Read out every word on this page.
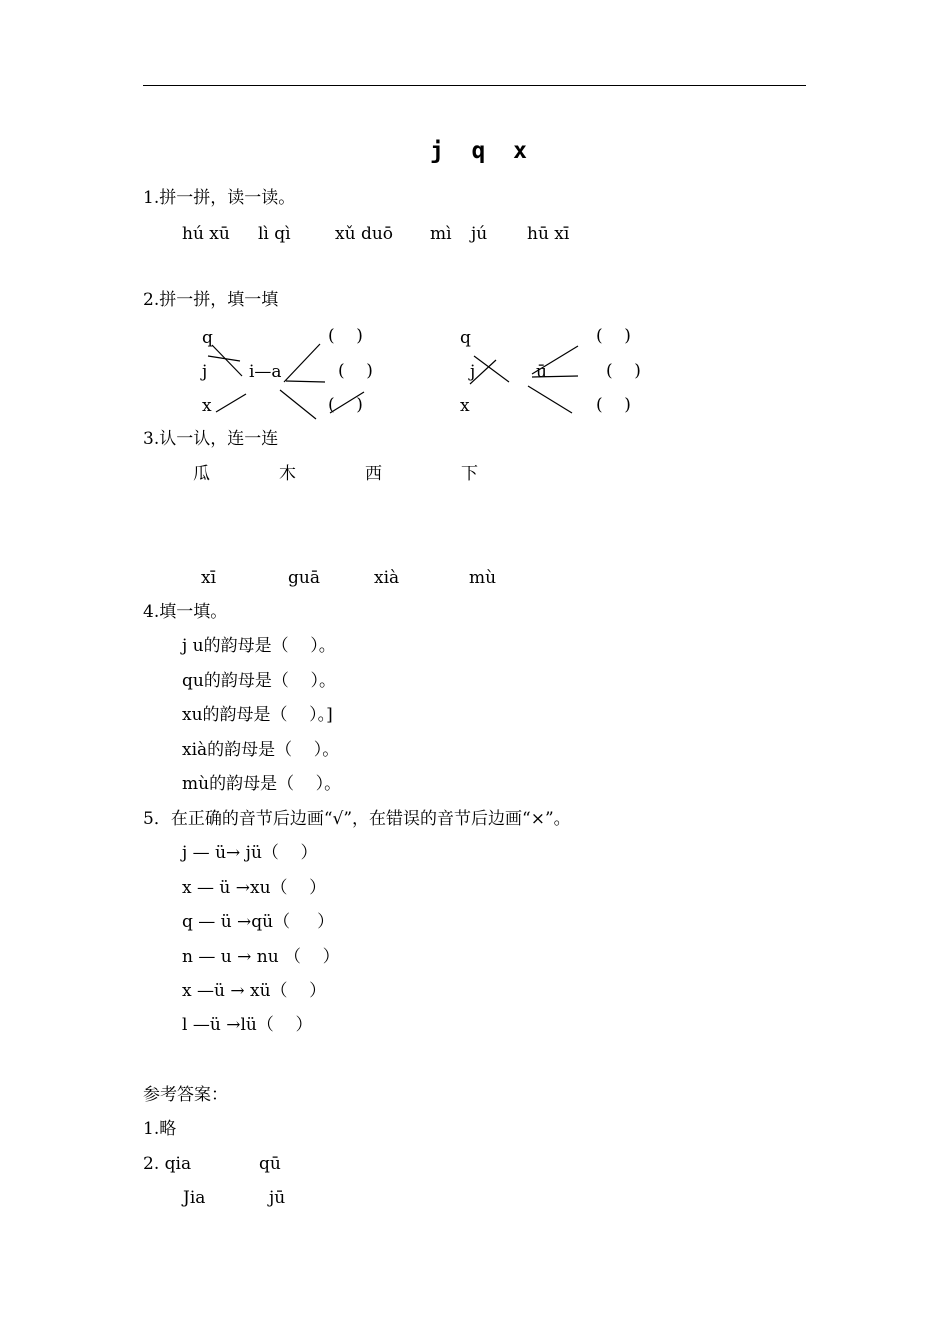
j  q  x
1.拼一拼，读一读。
hú xū lì qì	xǔ duō mì jú hū xī
2.拼一拼，填一填
q
j
x
i—a
(    )
(    )
(    )
q
j
x
ū
(    )
(    )
(    )
3.认一认，连一连
瓜	木	西	下
xī	guā	xià	mù
4.填一填。
j u的韵母是（    ）。
qu的韵母是（    ）。
xu的韵母是（    ）。]
xià的韵母是（    ）。
mù的韵母是（    ）。
5．在正确的音节后边画“√”，在错误的音节后边画“×”。
j — ü→ jü（    ）
x — ü →xu（    ）
q — ü →qü（     ）
n — u → nu （    ）
x —ü → xü（    ）
l —ü →lü（    ）
参考答案：
1.略
2. qia	qū
Jia	jū
